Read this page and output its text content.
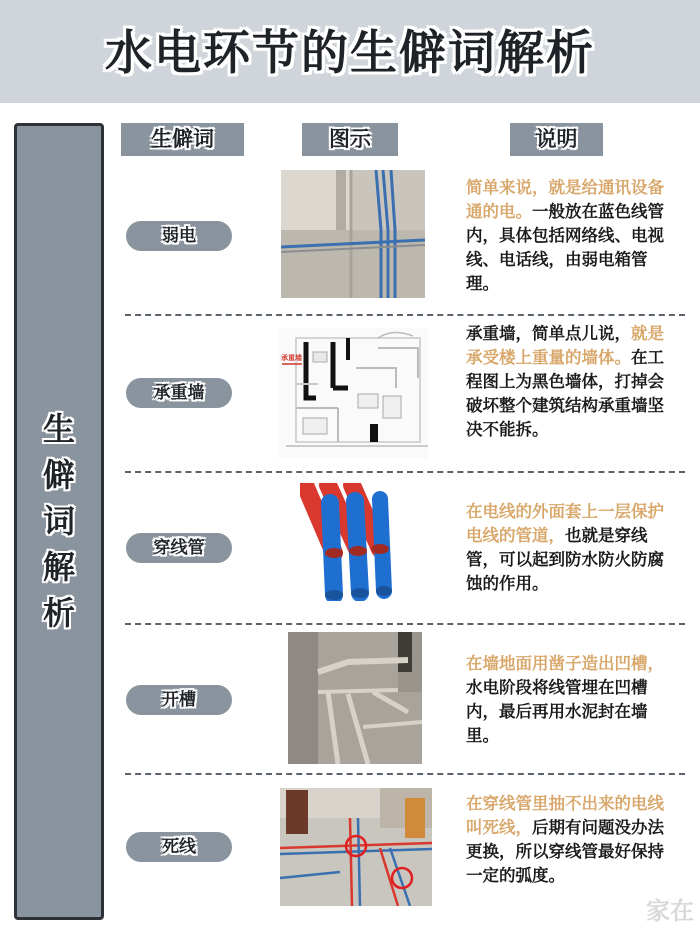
水电环节的生僻词解析
生
僻
词
解
析
生僻词	图示	说明
弱电
简单来说，就是给通讯设备通的电。一般放在蓝色线管内，具体包括网络线、电视线、电话线，由弱电箱管理。
承重墙
承重墙
承重墙，简单点儿说，就是承受楼上重量的墙体。在工程图上为黑色墙体，打掉会破坏整个建筑结构承重墙坚决不能拆。
穿线管
在电线的外面套上一层保护电线的管道，也就是穿线管，可以起到防水防火防腐蚀的作用。
开槽
在墙地面用凿子造出凹槽，水电阶段将线管埋在凹槽内，最后再用水泥封在墙里。
死线
在穿线管里抽不出来的电线叫死线，后期有问题没办法更换，所以穿线管最好保持一定的弧度。
家在
